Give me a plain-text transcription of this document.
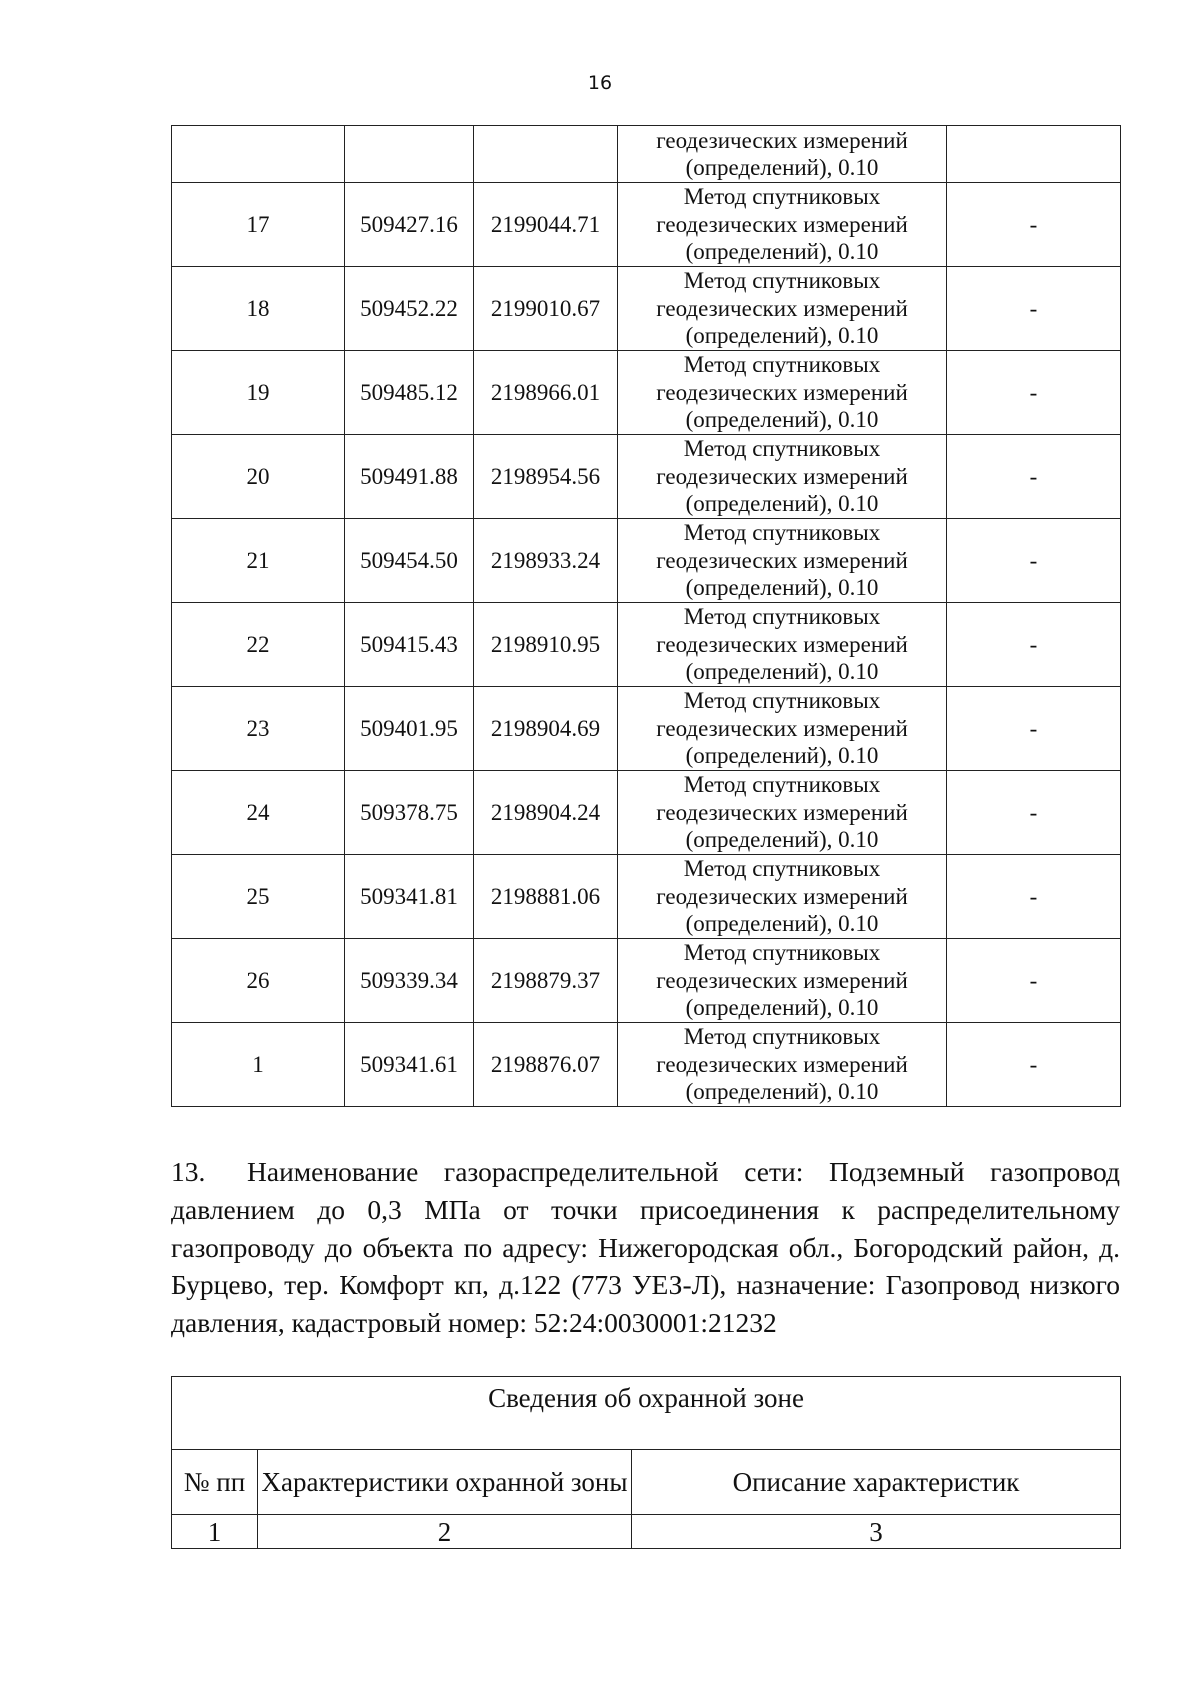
16

			геодезических измерений
(определений), 0.10	

17	509427.16	2199044.71	Метод спутниковых
геодезических измерений
(определений), 0.10	-
18	509452.22	2199010.67	Метод спутниковых
геодезических измерений
(определений), 0.10	-
19	509485.12	2198966.01	Метод спутниковых
геодезических измерений
(определений), 0.10	-
20	509491.88	2198954.56	Метод спутниковых
геодезических измерений
(определений), 0.10	-
21	509454.50	2198933.24	Метод спутниковых
геодезических измерений
(определений), 0.10	-
22	509415.43	2198910.95	Метод спутниковых
геодезических измерений
(определений), 0.10	-
23	509401.95	2198904.69	Метод спутниковых
геодезических измерений
(определений), 0.10	-
24	509378.75	2198904.24	Метод спутниковых
геодезических измерений
(определений), 0.10	-
25	509341.81	2198881.06	Метод спутниковых
геодезических измерений
(определений), 0.10	-
26	509339.34	2198879.37	Метод спутниковых
геодезических измерений
(определений), 0.10	-
1	509341.61	2198876.07	Метод спутниковых
геодезических измерений
(определений), 0.10	-

13. Наименование газораспределительной сети: Подземный газопровод давлением до 0,3 МПа от точки присоединения к распределительному газопроводу до объекта по адресу: Нижегородская обл., Богородский район, д. Бурцево, тер. Комфорт кп, д.122 (773 УЕЗ-Л), назначение: Газопровод низкого давления, кадастровый номер: 52:24:0030001:21232

Сведения об охранной зоне		
№ пп	Характеристики охранной зоны	Описание характеристик
1	2	3
